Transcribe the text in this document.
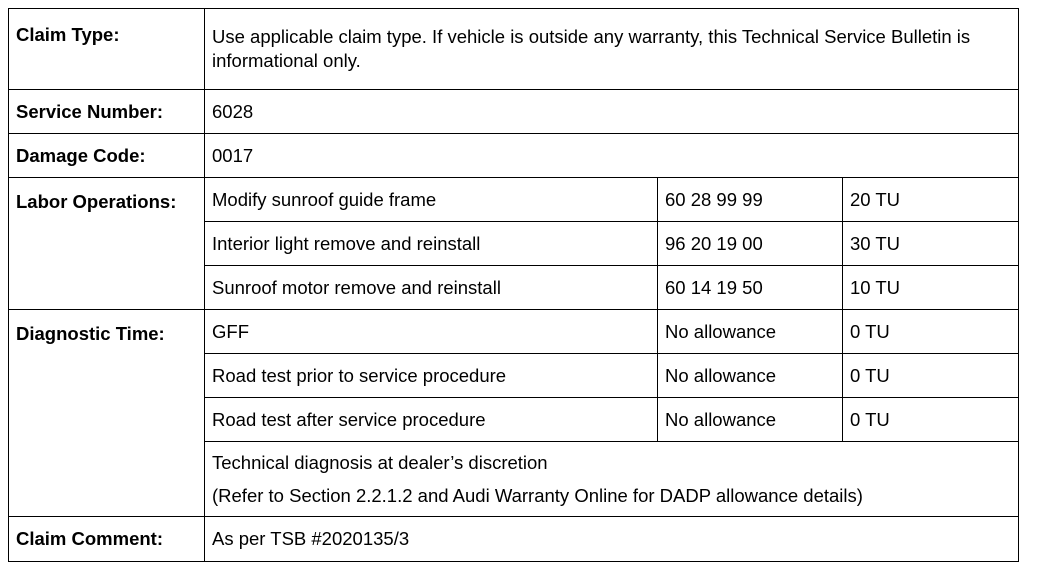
Claim Type:	Use applicable claim type. If vehicle is outside any warranty, this Technical Service Bulletin is informational only.		
Service Number:	6028		
Damage Code:	0017		
Labor Operations:	Modify sunroof guide frame	60 28 99 99	20 TU
	Interior light remove and reinstall	96 20 19 00	30 TU
	Sunroof motor remove and reinstall	60 14 19 50	10 TU
Diagnostic Time:	GFF	No allowance	0 TU
	Road test prior to service procedure	No allowance	0 TU
	Road test after service procedure	No allowance	0 TU

	Technical diagnosis at dealer’s discretion
(Refer to Section 2.2.1.2 and Audi Warranty Online for DADP allowance details)		

Claim Comment:	As per TSB #2020135/3		
